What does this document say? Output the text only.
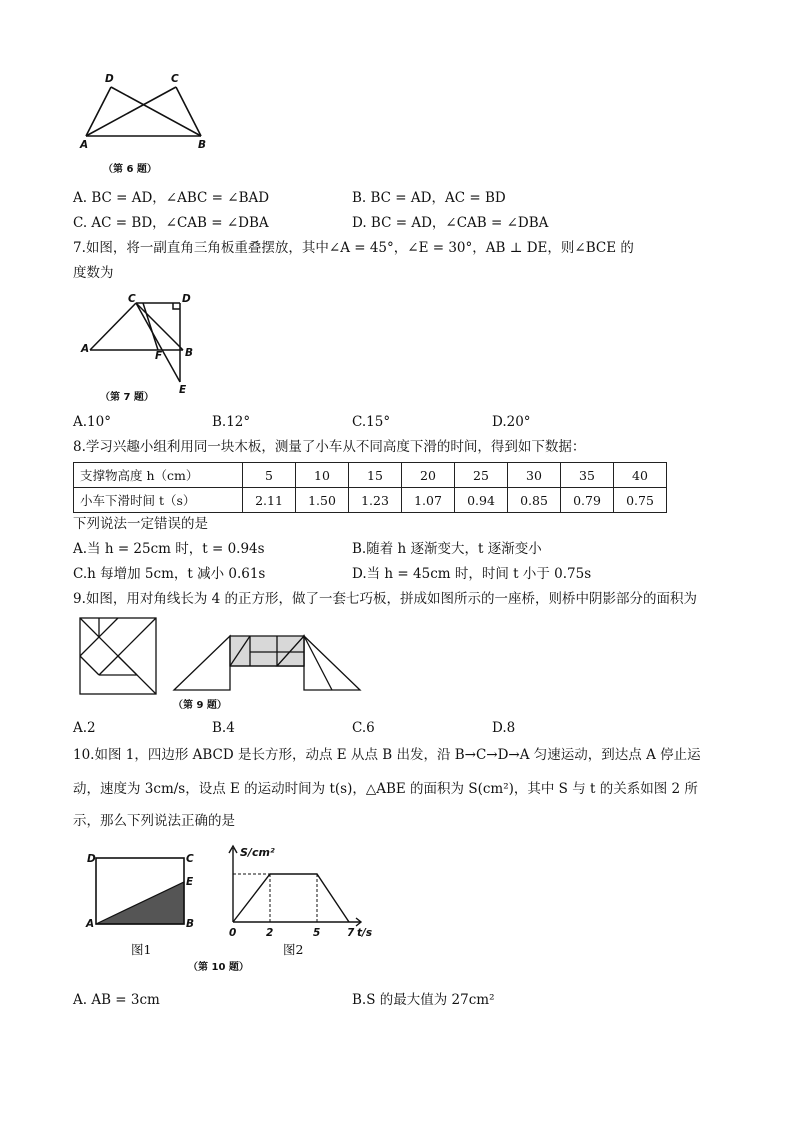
D	C
A	B
（第 6 题）
A. BC = AD，∠ABC = ∠BAD	B. BC = AD，AC = BD
C. AC = BD，∠CAB = ∠DBA	D. BC = AD，∠CAB = ∠DBA
7.如图，将一副直角三角板重叠摆放，其中∠A = 45°，∠E = 30°，AB ⊥ DE，则∠BCE 的
度数为
C	D
A
F B
E
（第 7 题）
A.10°	B.12°	C.15°	D.20°
8.学习兴趣小组利用同一块木板，测量了小车从不同高度下滑的时间，得到如下数据：
支撑物高度 h（cm）	5	10	15	20	25	30	35	40
小车下滑时间 t（s）	2.11	1.50	1.23	1.07	0.94	0.85	0.79	0.75
下列说法一定错误的是
A.当 h = 25cm 时，t = 0.94s	B.随着 h 逐渐变大，t 逐渐变小
C.h 每增加 5cm，t 减小 0.61s	D.当 h = 45cm 时，时间 t 小于 0.75s
9.如图，用对角线长为 4 的正方形，做了一套七巧板，拼成如图所示的一座桥，则桥中阴影部分的面积为
（第 9 题）
A.2	B.4	C.6	D.8
10.如图 1，四边形 ABCD 是长方形，动点 E 从点 B 出发，沿 B→C→D→A 匀速运动，到达点 A 停止运
动，速度为 3cm/s，设点 E 的运动时间为 t(s)，△ABE 的面积为 S(cm²)，其中 S 与 t 的关系如图 2 所
示，那么下列说法正确的是
D	C
E
A	B
图1
S/cm²
0	2	5	7 t/s
图2
（第 10 题）
A. AB = 3cm	B.S 的最大值为 27cm²
